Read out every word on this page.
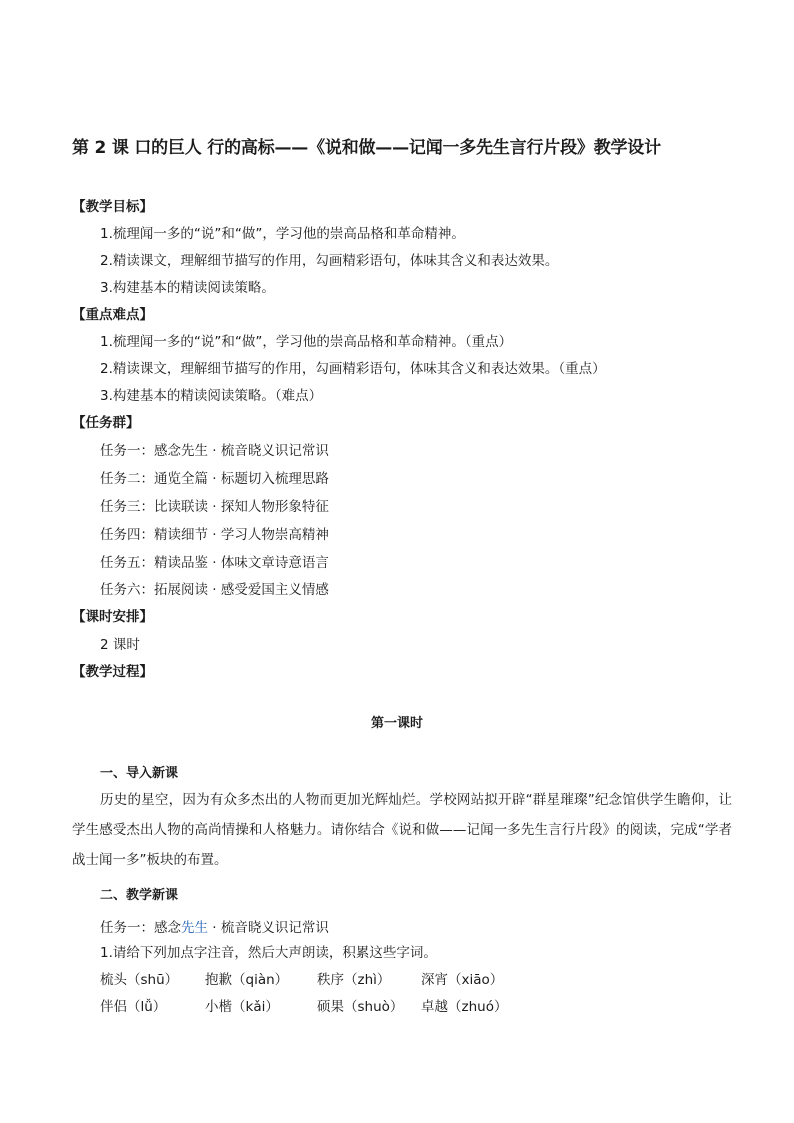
第 2 课 口的巨人 行的高标——《说和做——记闻一多先生言行片段》教学设计
【教学目标】
1.梳理闻一多的“说”和“做”，学习他的崇高品格和革命精神。
2.精读课文，理解细节描写的作用，勾画精彩语句，体味其含义和表达效果。
3.构建基本的精读阅读策略。
【重点难点】
1.梳理闻一多的“说”和“做”，学习他的崇高品格和革命精神。（重点）
2.精读课文，理解细节描写的作用，勾画精彩语句，体味其含义和表达效果。（重点）
3.构建基本的精读阅读策略。（难点）
【任务群】
任务一：感念先生 · 梳音晓义识记常识
任务二：通览全篇 · 标题切入梳理思路
任务三：比读联读 · 探知人物形象特征
任务四：精读细节 · 学习人物崇高精神
任务五：精读品鉴 · 体味文章诗意语言
任务六：拓展阅读 · 感受爱国主义情感
【课时安排】
2 课时
【教学过程】
第一课时
一、导入新课
历史的星空，因为有众多杰出的人物而更加光辉灿烂。学校网站拟开辟“群星璀璨”纪念馆供学生瞻仰，让学生感受杰出人物的高尚情操和人格魅力。请你结合《说和做——记闻一多先生言行片段》的阅读，完成“学者战士闻一多”板块的布置。
二、教学新课
任务一：感念先生 · 梳音晓义识记常识
1.请给下列加点字注音，然后大声朗读，积累这些字词。
梳头（shū） 抱歉（qiàn） 秩序（zhì） 深宵（xiāo）
伴侣（lǚ）	小楷（kǎi）	硕果（shuò） 卓越（zhuó）
